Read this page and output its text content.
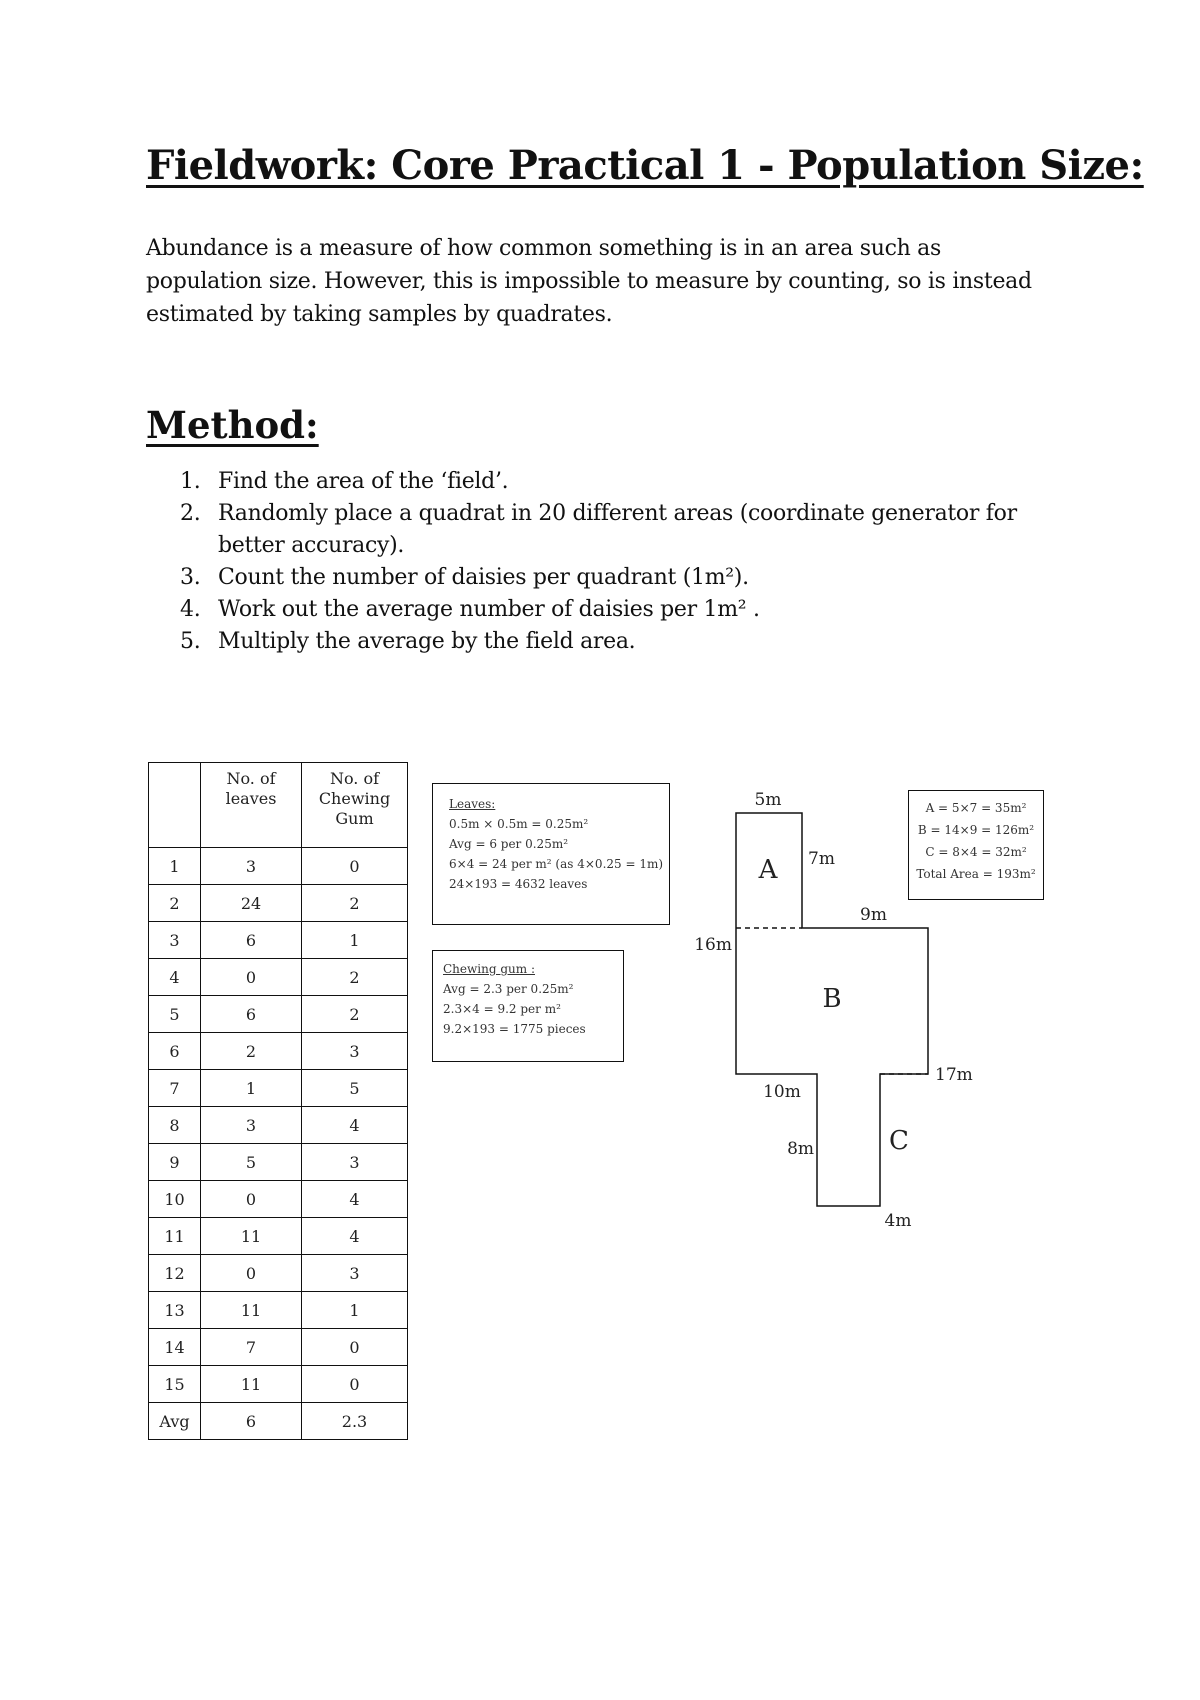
Fieldwork: Core Practical 1 - Population Size:

Abundance is a measure of how common something is in an area such as population size. However, this is impossible to measure by counting, so is instead estimated by taking samples by quadrates.

Method:
1. Find the area of the ‘field’.
2. Randomly place a quadrat in 20 different areas (coordinate generator for better accuracy).
3. Count the number of daisies per quadrant (1m²).
4. Work out the average number of daisies per 1m² .
5. Multiply the average by the field area.
	No. of leaves	No. of Chewing Gum
1	3	0
2	24	2
3	6	1
4	0	2
5	6	2
6	2	3
7	1	5
8	3	4
9	5	3
10	0	4
11	11	4
12	0	3
13	11	1
14	7	0
15	11	0
Avg	6	2.3
Leaves:
0.5m × 0.5m = 0.25m²
Avg = 6 per 0.25m²
6×4 = 24 per m² (as 4×0.25 = 1m)
24×193 = 4632 leaves
Chewing gum :
Avg = 2.3 per 0.25m²
2.3×4 = 9.2 per m²
9.2×193 = 1775 pieces
A = 5×7 = 35m²
B = 14×9 = 126m²
C = 8×4 = 32m²
Total Area = 193m²
A
B
C
5m
7m
9m
16m
10m
17m
8m
4m
